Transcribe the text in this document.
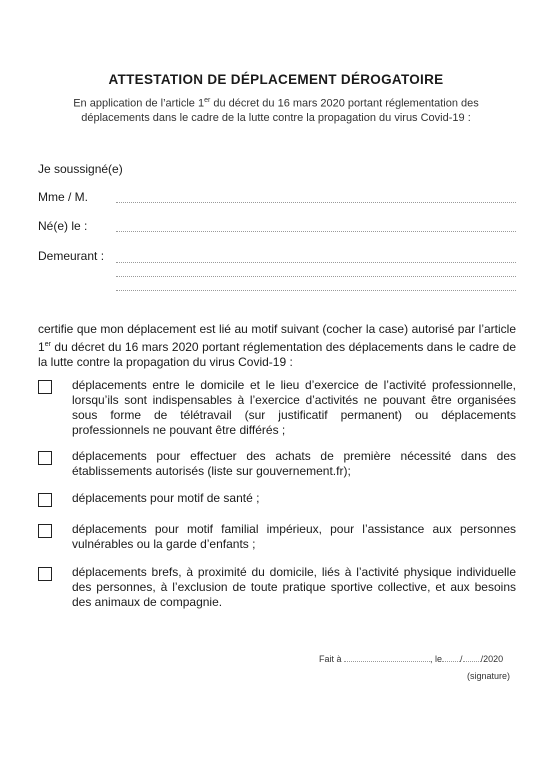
ATTESTATION DE DÉPLACEMENT DÉROGATOIRE
En application de l’article 1er du décret du 16 mars 2020 portant réglementation des déplacements dans le cadre de la lutte contre la propagation du virus Covid-19 :
Je soussigné(e)
Mme / M.
Né(e) le :
Demeurant :
certifie que mon déplacement est lié au motif suivant (cocher la case) autorisé par l’article 1er du décret du 16 mars 2020 portant réglementation des déplacements dans le cadre de la lutte contre la propagation du virus Covid-19 :
déplacements entre le domicile et le lieu d’exercice de l’activité professionnelle, lorsqu’ils sont indispensables à l’exercice d’activités ne pouvant être organisées sous forme de télétravail (sur justificatif permanent) ou déplacements professionnels ne pouvant être différés ;
déplacements pour effectuer des achats de première nécessité dans des établissements autorisés (liste sur gouvernement.fr);
déplacements pour motif de santé ;
déplacements pour motif familial impérieux, pour l’assistance aux personnes vulnérables ou la garde d’enfants ;
déplacements brefs, à proximité du domicile, liés à l’activité physique individuelle des personnes, à l’exclusion de toute pratique sportive collective, et aux besoins des animaux de compagnie.
Fait à	, le / /2020
(signature)
